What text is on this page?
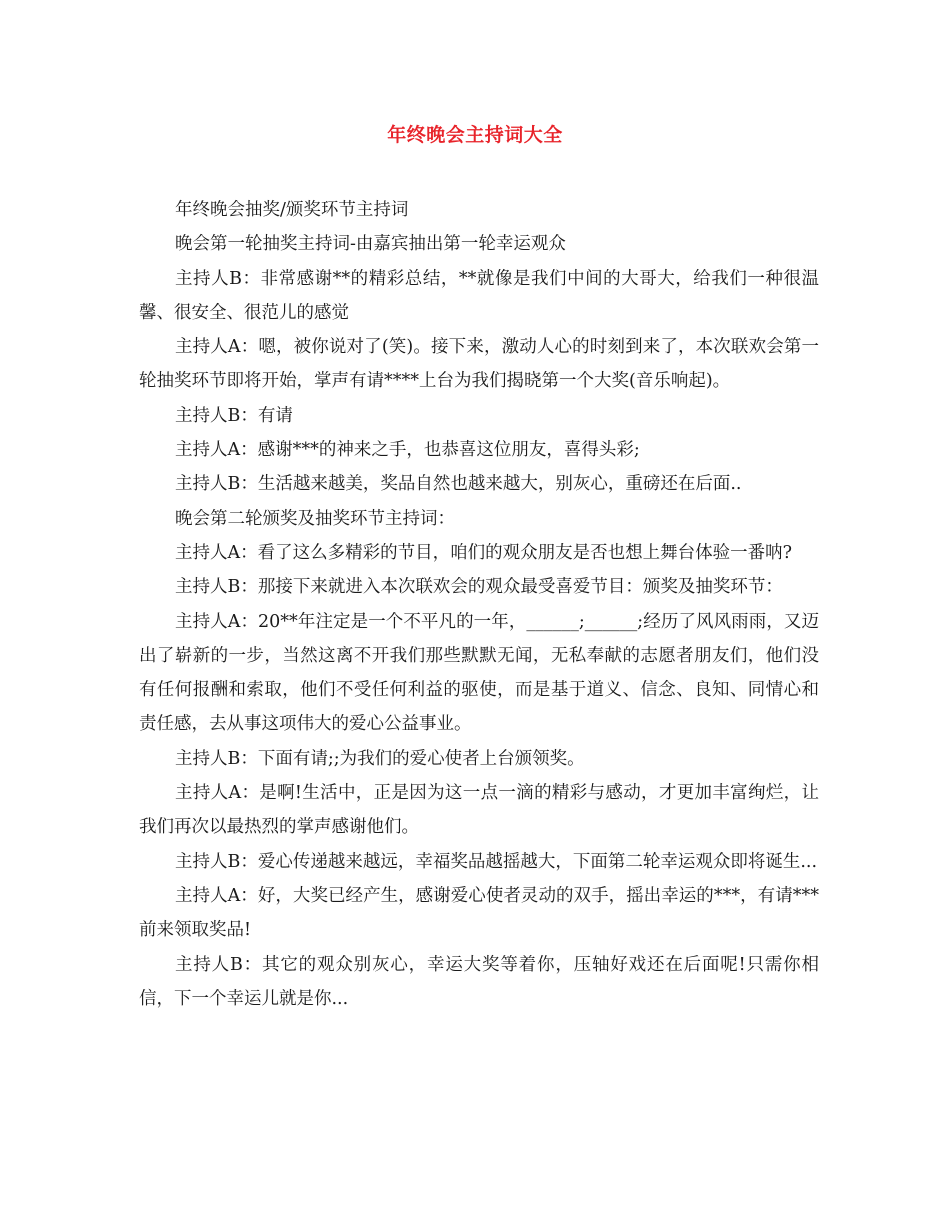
年终晚会主持词大全

年终晚会抽奖/颁奖环节主持词

晚会第一轮抽奖主持词-由嘉宾抽出第一轮幸运观众

主持人B：非常感谢**的精彩总结，**就像是我们中间的大哥大，给我们一种很温馨、很安全、很范儿的感觉

主持人A：嗯，被你说对了(笑)。接下来，激动人心的时刻到来了，本次联欢会第一轮抽奖环节即将开始，掌声有请****上台为我们揭晓第一个大奖(音乐响起)。

主持人B：有请

主持人A：感谢***的神来之手，也恭喜这位朋友，喜得头彩;

主持人B：生活越来越美，奖品自然也越来越大，别灰心，重磅还在后面..

晚会第二轮颁奖及抽奖环节主持词：

主持人A：看了这么多精彩的节目，咱们的观众朋友是否也想上舞台体验一番呐?

主持人B：那接下来就进入本次联欢会的观众最受喜爱节目：颁奖及抽奖环节：

主持人A：20**年注定是一个不平凡的一年，______;______;经历了风风雨雨，又迈出了崭新的一步，当然这离不开我们那些默默无闻，无私奉献的志愿者朋友们，他们没有任何报酬和索取，他们不受任何利益的驱使，而是基于道义、信念、良知、同情心和责任感，去从事这项伟大的爱心公益事业。

主持人B：下面有请;;为我们的爱心使者上台颁领奖。

主持人A：是啊!生活中，正是因为这一点一滴的精彩与感动，才更加丰富绚烂，让我们再次以最热烈的掌声感谢他们。

主持人B：爱心传递越来越远，幸福奖品越摇越大，下面第二轮幸运观众即将诞生...

主持人A：好，大奖已经产生，感谢爱心使者灵动的双手，摇出幸运的***，有请***前来领取奖品!

主持人B：其它的观众别灰心，幸运大奖等着你，压轴好戏还在后面呢!只需你相信，下一个幸运儿就是你...
